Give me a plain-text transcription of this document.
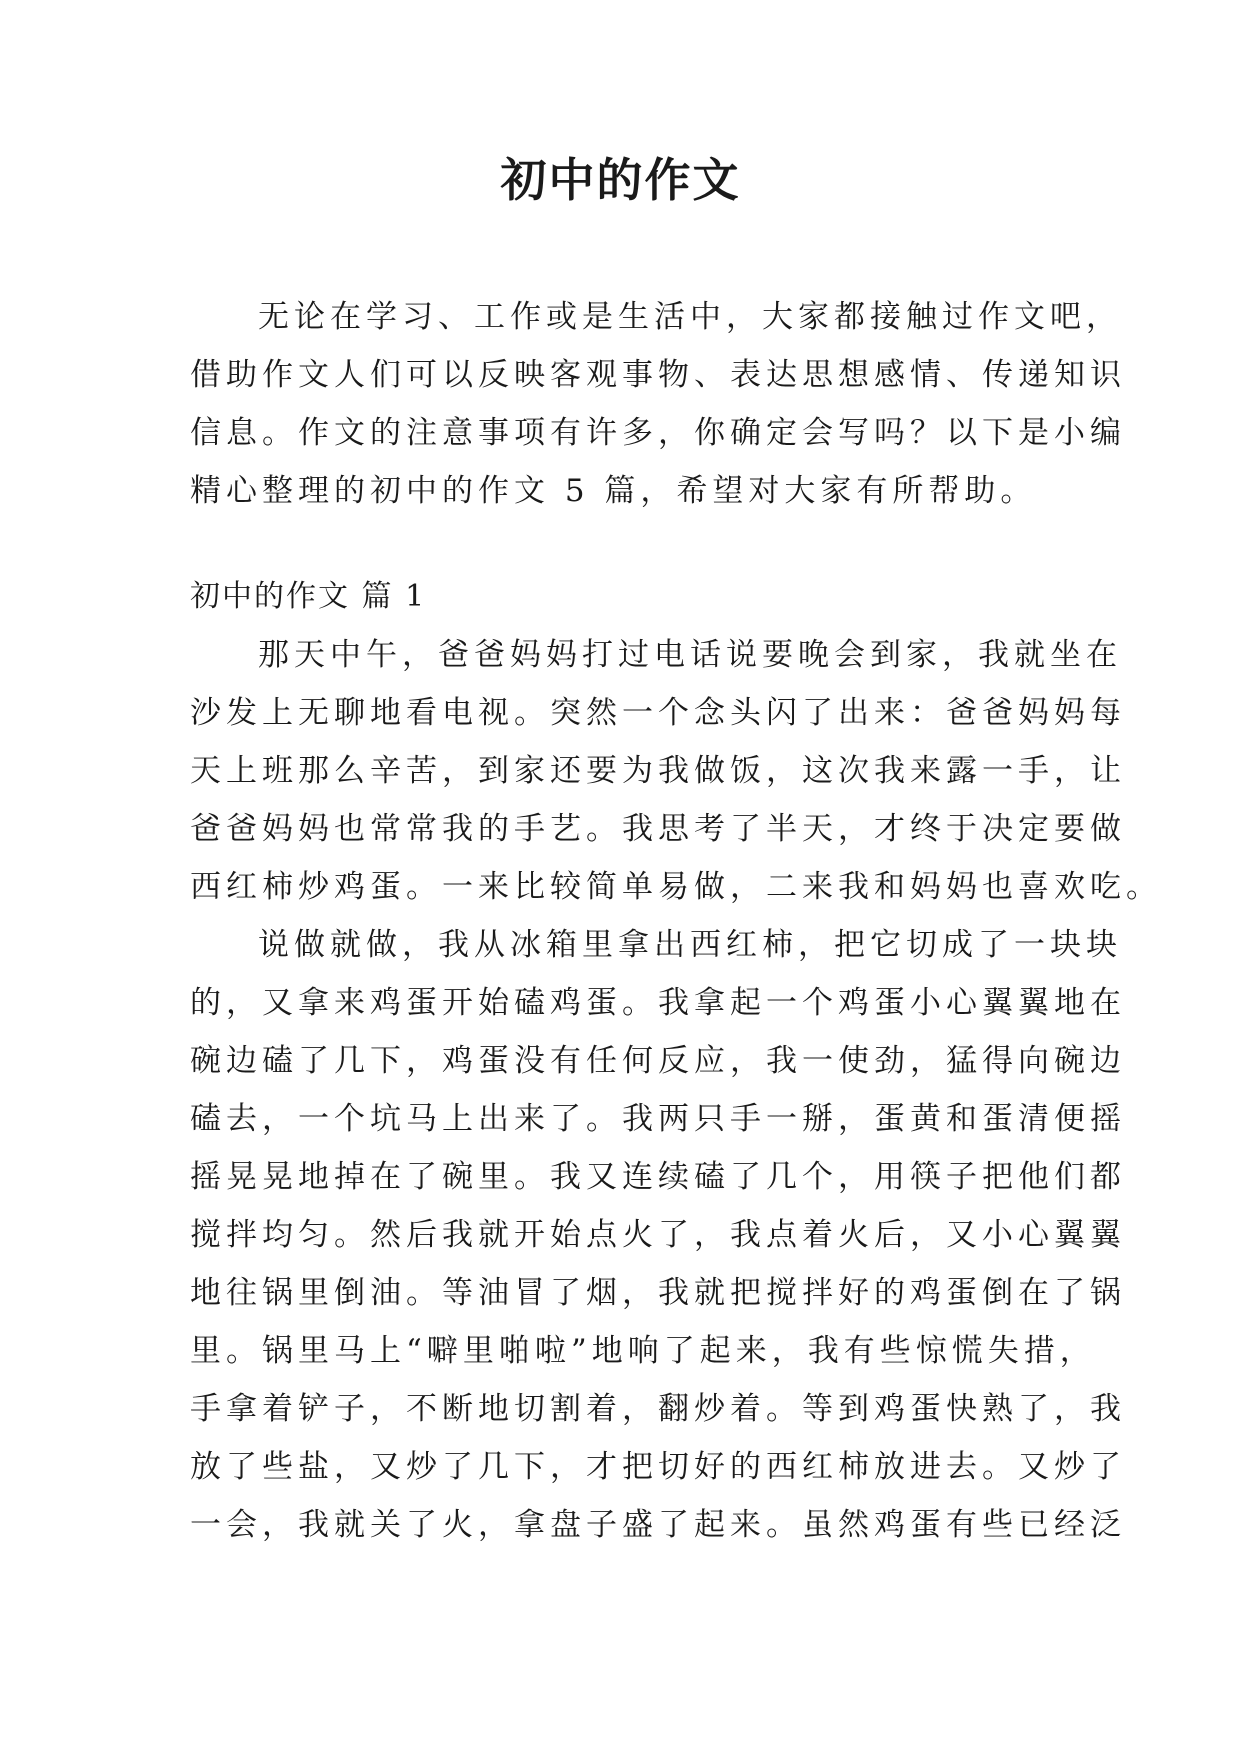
初中的作文
无论在学习、工作或是生活中，大家都接触过作文吧，
借助作文人们可以反映客观事物、表达思想感情、传递知识
信息。作文的注意事项有许多，你确定会写吗？以下是小编
精心整理的初中的作文 5 篇，希望对大家有所帮助。
初中的作文 篇 1
那天中午，爸爸妈妈打过电话说要晚会到家，我就坐在
沙发上无聊地看电视。突然一个念头闪了出来：爸爸妈妈每
天上班那么辛苦，到家还要为我做饭，这次我来露一手，让
爸爸妈妈也常常我的手艺。我思考了半天，才终于决定要做
西红柿炒鸡蛋。一来比较简单易做，二来我和妈妈也喜欢吃。
说做就做，我从冰箱里拿出西红柿，把它切成了一块块
的，又拿来鸡蛋开始磕鸡蛋。我拿起一个鸡蛋小心翼翼地在
碗边磕了几下，鸡蛋没有任何反应，我一使劲，猛得向碗边
磕去，一个坑马上出来了。我两只手一掰，蛋黄和蛋清便摇
摇晃晃地掉在了碗里。我又连续磕了几个，用筷子把他们都
搅拌均匀。然后我就开始点火了，我点着火后，又小心翼翼
地往锅里倒油。等油冒了烟，我就把搅拌好的鸡蛋倒在了锅
里。锅里马上“噼里啪啦”地响了起来，我有些惊慌失措，
手拿着铲子，不断地切割着，翻炒着。等到鸡蛋快熟了，我
放了些盐，又炒了几下，才把切好的西红柿放进去。又炒了
一会，我就关了火，拿盘子盛了起来。虽然鸡蛋有些已经泛
